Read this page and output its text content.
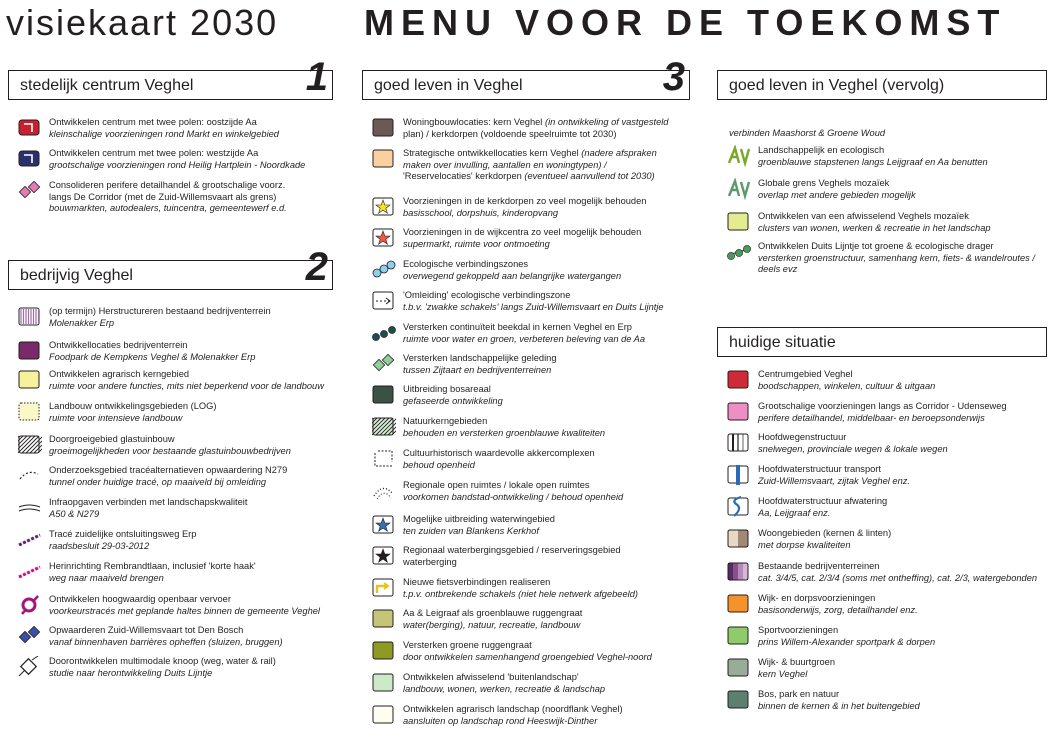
visiekaart 2030 MENU VOOR DE TOEKOMST
stedelijk centrum Veghel	1
Ontwikkelen centrum met twee polen: oostzijde Aa
kleinschalige voorzieningen rond Markt en winkelgebied
Ontwikkelen centrum met twee polen: westzijde Aa
grootschalige voorzieningen rond Heilig Hartplein - Noordkade
Consolideren perifere detailhandel & grootschalige voorz.
langs De Corridor (met de Zuid-Willemsvaart als grens)
bouwmarkten, autodealers, tuincentra, gemeentewerf e.d.
bedrijvig Veghel	2
(op termijn) Herstructureren bestaand bedrijventerrein
Molenakker Erp
Ontwikkellocaties bedrijventerrein
Foodpark de Kempkens Veghel & Molenakker Erp
Ontwikkelen agrarisch kerngebied
ruimte voor andere functies, mits niet beperkend voor de landbouw
Landbouw ontwikkelingsgebieden (LOG)
ruimte voor intensieve landbouw
Doorgroeigebied glastuinbouw
groeimogelijkheden voor bestaande glastuinbouwbedrijven
Onderzoeksgebied tracéalternatieven opwaardering N279
tunnel onder huidige tracé, op maaiveld bij omleiding
Infraopgaven verbinden met landschapskwaliteit
A50 & N279
Tracé zuidelijke ontsluitingsweg Erp
raadsbesluit 29-03-2012
Herinrichting Rembrandtlaan, inclusief 'korte haak'
weg naar maaiveld brengen
Ontwikkelen hoogwaardig openbaar vervoer
voorkeurstracés met geplande haltes binnen de gemeente Veghel
Opwaarderen Zuid-Willemsvaart tot Den Bosch
vanaf binnenhaven barrières opheffen (sluizen, bruggen)
Doorontwikkelen multimodale knoop (weg, water & rail)
studie naar herontwikkeling Duits Lijntje
goed leven in Veghel	3
Woningbouwlocaties: kern Veghel (in ontwikkeling of vastgesteld
plan) / kerkdorpen (voldoende speelruimte tot 2030)
Strategische ontwikkellocaties kern Veghel (nadere afspraken
maken over invulling, aantallen en woningtypen) /
'Reservelocaties' kerkdorpen (eventueel aanvullend tot 2030)
Voorzieningen in de kerkdorpen zo veel mogelijk behouden
basisschool, dorpshuis, kinderopvang
Voorzieningen in de wijkcentra zo veel mogelijk behouden
supermarkt, ruimte voor ontmoeting
Ecologische verbindingszones
overwegend gekoppeld aan belangrijke watergangen
'Omleiding' ecologische verbindingszone
t.b.v. 'zwakke schakels' langs Zuid-Willemsvaart en Duits Lijntje
Versterken continuïteit beekdal in kernen Veghel en Erp
ruimte voor water en groen, verbeteren beleving van de Aa
Versterken landschappelijke geleding
tussen Zijtaart en bedrijventerreinen
Uitbreiding bosareaal
gefaseerde ontwikkeling
Natuurkerngebieden
behouden en versterken groenblauwe kwaliteiten
Cultuurhistorisch waardevolle akkercomplexen
behoud openheid
Regionale open ruimtes / lokale open ruimtes
voorkomen bandstad-ontwikkeling / behoud openheid
Mogelijke uitbreiding waterwingebied
ten zuiden van Blankens Kerkhof
Regionaal waterbergingsgebied / reserveringsgebied
waterberging
Nieuwe fietsverbindingen realiseren
t.p.v. ontbrekende schakels (niet hele netwerk afgebeeld)
Aa & Leigraaf als groenblauwe ruggengraat
water(berging), natuur, recreatie, landbouw
Versterken groene ruggengraat
door ontwikkelen samenhangend groengebied Veghel-noord
Ontwikkelen afwisselend 'buitenlandschap'
landbouw, wonen, werken, recreatie & landschap
Ontwikkelen agrarisch landschap (noordflank Veghel)
aansluiten op landschap rond Heeswijk-Dinther
goed leven in Veghel (vervolg)
verbinden Maashorst & Groene Woud
Landschappelijk en ecologisch
groenblauwe stapstenen langs Leijgraaf en Aa benutten
Globale grens Veghels mozaïek
overlap met andere gebieden mogelijk
Ontwikkelen van een afwisselend Veghels mozaïek
clusters van wonen, werken & recreatie in het landschap
Ontwikkelen Duits Lijntje tot groene & ecologische drager
versterken groenstructuur, samenhang kern, fiets- & wandelroutes /
deels evz
huidige situatie
Centrumgebied Veghel
boodschappen, winkelen, cultuur & uitgaan
Grootschalige voorzieningen langs as Corridor - Udenseweg
perifere detailhandel, middelbaar- en beroepsonderwijs
Hoofdwegenstructuur
snelwegen, provinciale wegen & lokale wegen
Hoofdwaterstructuur transport
Zuid-Willemsvaart, zijtak Veghel enz.
Hoofdwaterstructuur afwatering
Aa, Leijgraaf enz.
Woongebieden (kernen & linten)
met dorpse kwaliteiten
Bestaande bedrijventerreinen
cat. 3/4/5, cat. 2/3/4 (soms met ontheffing), cat. 2/3, watergebonden
Wijk- en dorpsvoorzieningen
basisonderwijs, zorg, detailhandel enz.
Sportvoorzieningen
prins Willem-Alexander sportpark & dorpen
Wijk- & buurtgroen
kern Veghel
Bos, park en natuur
binnen de kernen & in het buitengebied
